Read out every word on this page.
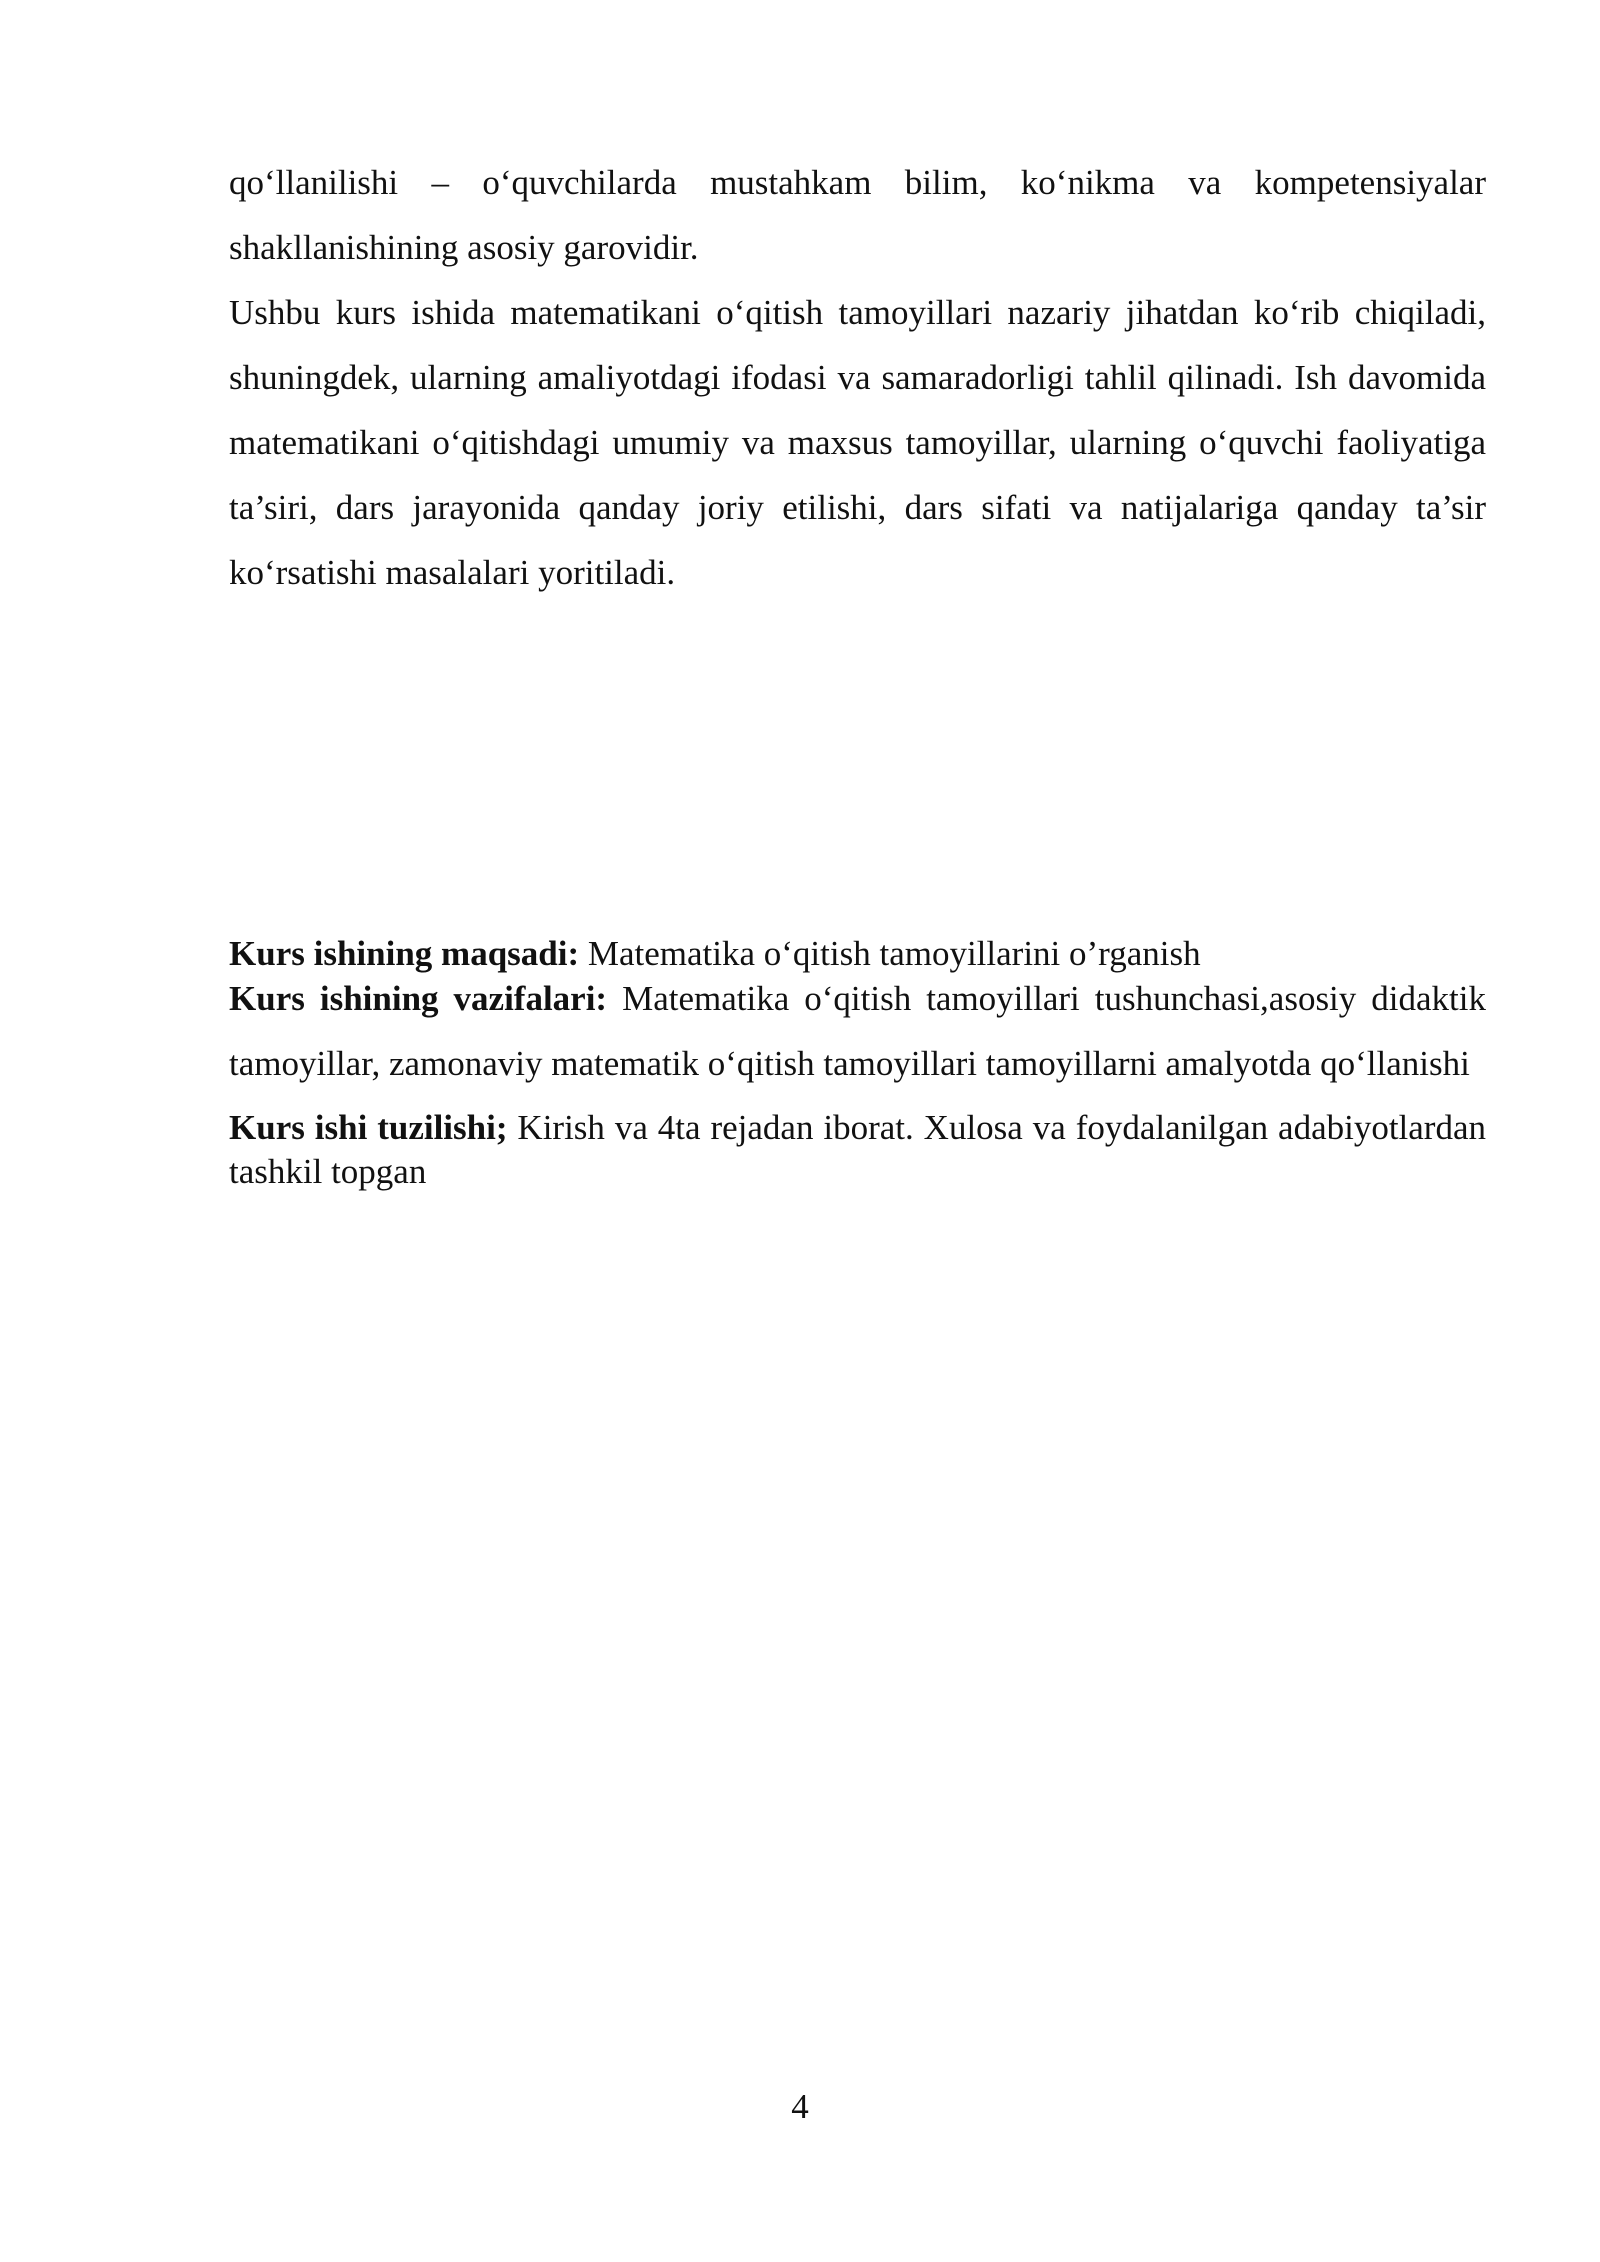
qo‘llanilishi – o‘quvchilarda mustahkam bilim, ko‘nikma va kompetensiyalar shakllanishining asosiy garovidir.

Ushbu kurs ishida matematikani o‘qitish tamoyillari nazariy jihatdan ko‘rib chiqiladi, shuningdek, ularning amaliyotdagi ifodasi va samaradorligi tahlil qilinadi. Ish davomida matematikani o‘qitishdagi umumiy va maxsus tamoyillar, ularning o‘quvchi faoliyatiga ta’siri, dars jarayonida qanday joriy etilishi, dars sifati va natijalariga qanday ta’sir ko‘rsatishi masalalari yoritiladi.

Kurs ishining maqsadi: Matematika o‘qitish tamoyillarini o’rganish

Kurs ishining vazifalari: Matematika o‘qitish tamoyillari tushunchasi,asosiy didaktik tamoyillar, zamonaviy matematik o‘qitish tamoyillari tamoyillarni amalyotda qo‘llanishi

Kurs ishi tuzilishi; Kirish va 4ta rejadan iborat. Xulosa va foydalanilgan adabiyotlardan tashkil topgan

4
